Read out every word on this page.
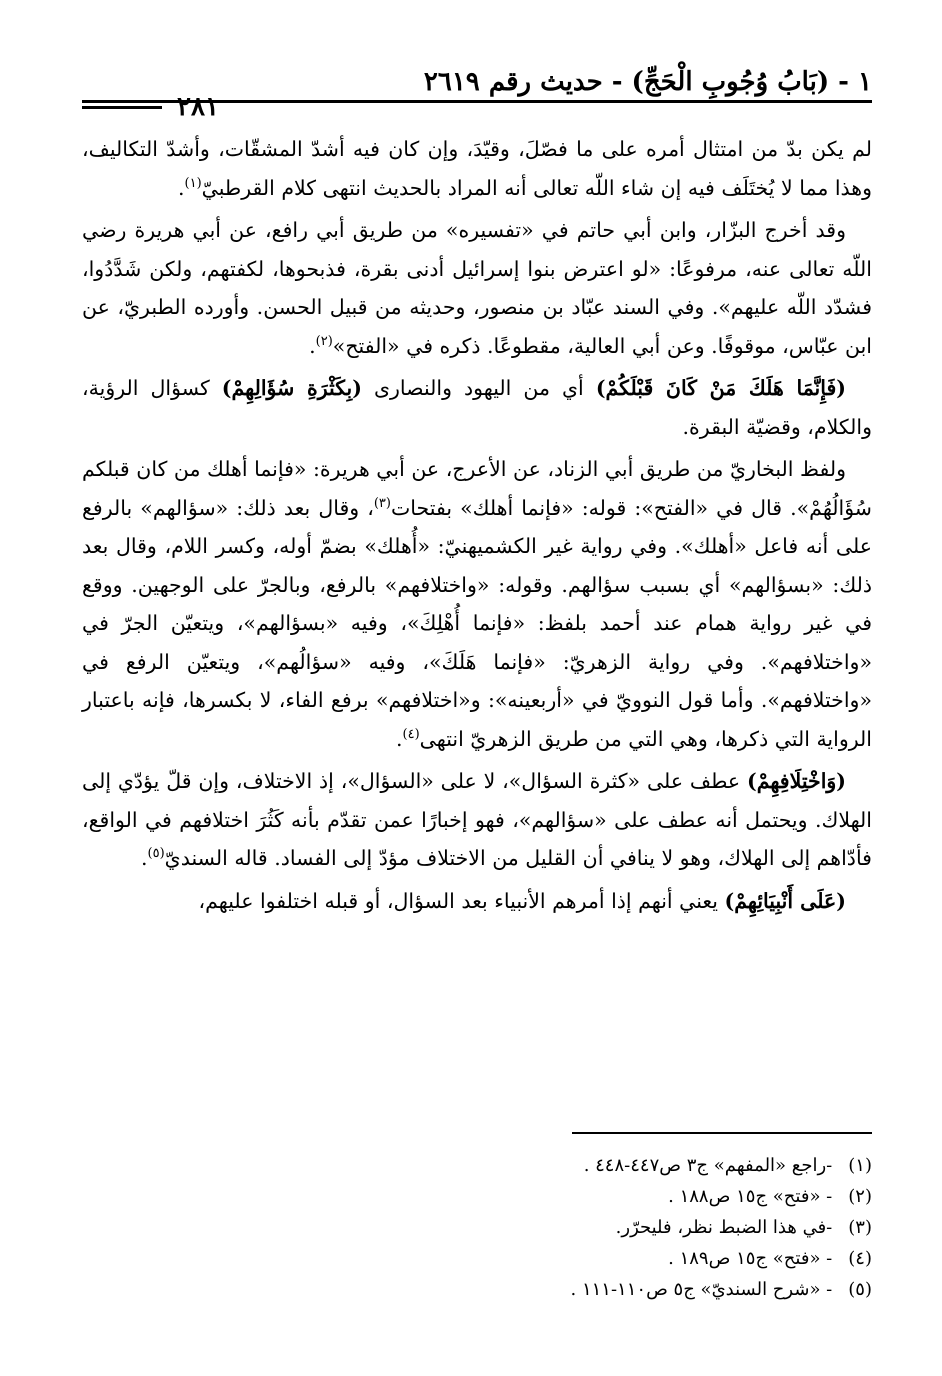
١ - (بَابُ وُجُوبِ الْحَجِّ) - حديث رقم ٢٦١٩
٢٨١

لم يكن بدّ من امتثال أمره على ما فصّلَ، وقيّدَ، وإن كان فيه أشدّ المشقّات، وأشدّ التكاليف، وهذا مما لا يُختَلَف فيه إن شاء اللّه تعالى أنه المراد بالحديث انتهى كلام القرطبيّ$^{(١)}$.

وقد أخرج البزّار، وابن أبي حاتم في «تفسيره» من طريق أبي رافع، عن أبي هريرة رضي اللّه تعالى عنه، مرفوعًا: «لو اعترض بنوا إسرائيل أدنى بقرة، فذبحوها، لكفتهم، ولكن شَدَّدُوا، فشدّد اللّه عليهم». وفي السند عبّاد بن منصور، وحديثه من قبيل الحسن. وأورده الطبريّ، عن ابن عبّاس، موقوفًا. وعن أبي العالية، مقطوعًا. ذكره في «الفتح»$^{(٢)}$.

(فَإِنَّمَا هَلَكَ مَنْ كَانَ قَبْلَكُمْ) أي من اليهود والنصارى (بِكَثْرَةِ سُؤَالِهِمْ) كسؤال الرؤية، والكلام، وقضيّة البقرة.

ولفظ البخاريّ من طريق أبي الزناد، عن الأعرج، عن أبي هريرة: «فإنما أهلك من كان قبلكم سُؤَالُهُمْ». قال في «الفتح»: قوله: «فإنما أهلك» بفتحات$^{(٣)}$، وقال بعد ذلك: «سؤالهم» بالرفع على أنه فاعل «أهلك». وفي رواية غير الكشميهنيّ: «أُهلك» بضمّ أوله، وكسر اللام، وقال بعد ذلك: «بسؤالهم» أي بسبب سؤالهم. وقوله: «واختلافهم» بالرفع، وبالجرّ على الوجهين. ووقع في غير رواية همام عند أحمد بلفظ: «فإنما أُهْلِكَ»، وفيه «بسؤالهم»، ويتعيّن الجرّ في «واختلافهم». وفي رواية الزهريّ: «فإنما هَلَكَ»، وفيه «سؤالُهم»، ويتعيّن الرفع في «واختلافهم». وأما قول النوويّ في «أربعينه»: و«اختلافهم» برفع الفاء، لا بكسرها، فإنه باعتبار الرواية التي ذكرها، وهي التي من طريق الزهريّ انتهى$^{(٤)}$.

(وَاخْتِلَافِهِمْ) عطف على «كثرة السؤال»، لا على «السؤال»، إذ الاختلاف، وإن قلّ يؤدّي إلى الهلاك. ويحتمل أنه عطف على «سؤالهم»، فهو إخبارًا عمن تقدّم بأنه كَثُرَ اختلافهم في الواقع، فأدّاهم إلى الهلاك، وهو لا ينافي أن القليل من الاختلاف مؤدّ إلى الفساد. قاله السنديّ$^{(٥)}$.

(عَلَى أَنْبِيَائِهِمْ) يعني أنهم إذا أمرهم الأنبياء بعد السؤال، أو قبله اختلفوا عليهم،

(١) -راجع «المفهم» ج٣ ص٤٤٧-٤٤٨ .
(٢) - «فتح» ج١٥ ص١٨٨ .
(٣) -في هذا الضبط نظر، فليحرّر.
(٤) - «فتح» ج١٥ ص١٨٩ .
(٥) - «شرح السنديّ» ج٥ ص١١٠-١١١ .
